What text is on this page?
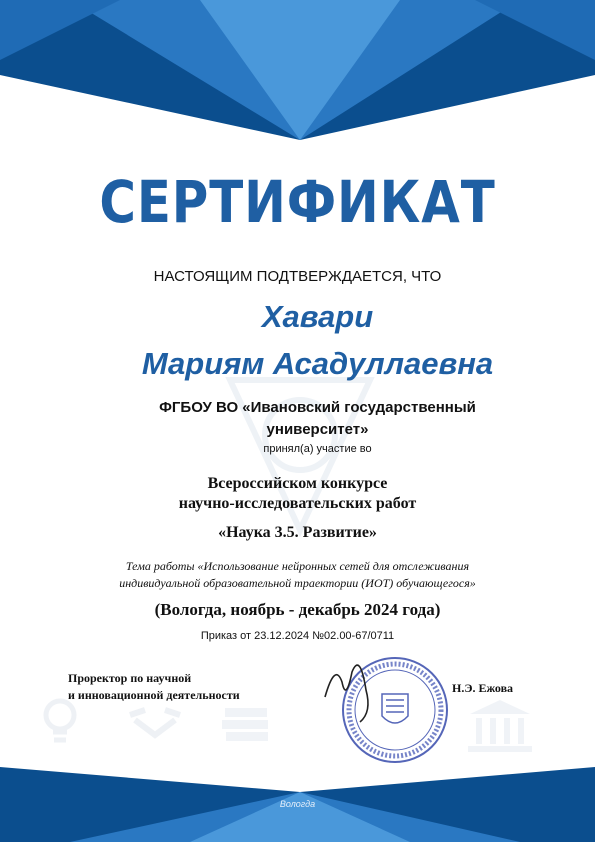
СЕРТИФИКАТ
НАСТОЯЩИМ ПОДТВЕРЖДАЕТСЯ, ЧТО
Хавари
Мариям Асадуллаевна
ФГБОУ ВО «Ивановский государственный
университет»
принял(а) участие во
Всероссийском конкурсе
научно-исследовательских работ
«Наука 3.5. Развитие»
Тема работы «Использование нейронных сетей для отслеживания
индивидуальной образовательной траектории (ИОТ) обучающегося»
(Вологда, ноябрь - декабрь 2024 года)
Приказ от 23.12.2024 №02.00-67/0711
Проректор по научной
и инновационной деятельности	Н.Э. Ежова
Вологда
